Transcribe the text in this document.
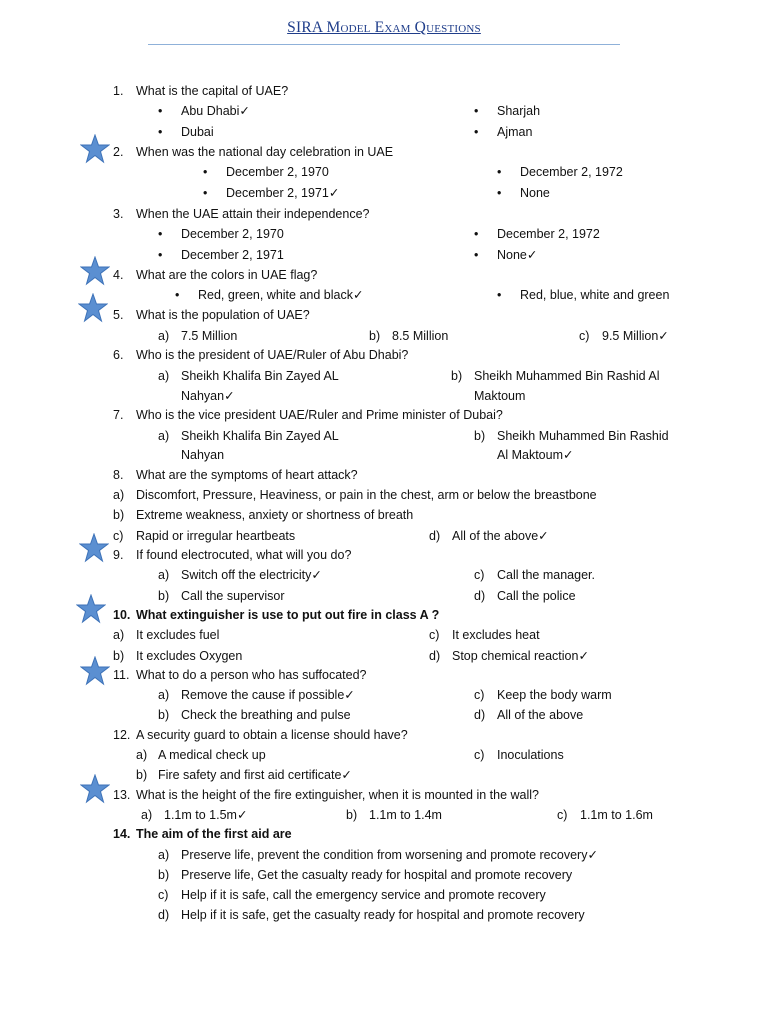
SIRA Model Exam Questions
1. What is the capital of UAE?
• Abu Dhabi✓	• Sharjah
• Dubai	• Ajman
2. When was the national day celebration in UAE
• December 2, 1970	• December 2, 1972
• December 2, 1971✓	• None
3. When the UAE attain their independence?
• December 2, 1970	• December 2, 1972
• December 2, 1971	• None✓
4. What are the colors in UAE flag?
• Red, green, white and black✓	• Red, blue, white and green
5. What is the population of UAE?
a) 7.5 Million	b) 8.5 Million	c) 9.5 Million✓
6. Who is the president of UAE/Ruler of Abu Dhabi?
a) Sheikh Khalifa Bin Zayed AL
Nahyan✓
b) Sheikh Muhammed Bin Rashid Al
Maktoum
7. Who is the vice president UAE/Ruler and Prime minister of Dubai?
a) Sheikh Khalifa Bin Zayed AL
Nahyan
b) Sheikh Muhammed Bin Rashid
Al Maktoum✓
8. What are the symptoms of heart attack?
a) Discomfort, Pressure, Heaviness, or pain in the chest, arm or below the breastbone
b) Extreme weakness, anxiety or shortness of breath
c) Rapid or irregular heartbeats	d) All of the above✓
9. If found electrocuted, what will you do?
a) Switch off the electricity✓	c) Call the manager.
b) Call the supervisor	d) Call the police
10. What extinguisher is use to put out fire in class A ?
a) It excludes fuel	c) It excludes heat
b) It excludes Oxygen	d) Stop chemical reaction✓
11. What to do a person who has suffocated?
a) Remove the cause if possible✓	c) Keep the body warm
b) Check the breathing and pulse	d) All of the above
12. A security guard to obtain a license should have?
a) A medical check up	c) Inoculations
b) Fire safety and first aid certificate✓
13. What is the height of the fire extinguisher, when it is mounted in the wall?
a) 1.1m to 1.5m✓	b) 1.1m to 1.4m	c) 1.1m to 1.6m
14. The aim of the first aid are
a) Preserve life, prevent the condition from worsening and promote recovery✓
b) Preserve life, Get the casualty ready for hospital and promote recovery
c) Help if it is safe, call the emergency service and promote recovery
d) Help if it is safe, get the casualty ready for hospital and promote recovery
